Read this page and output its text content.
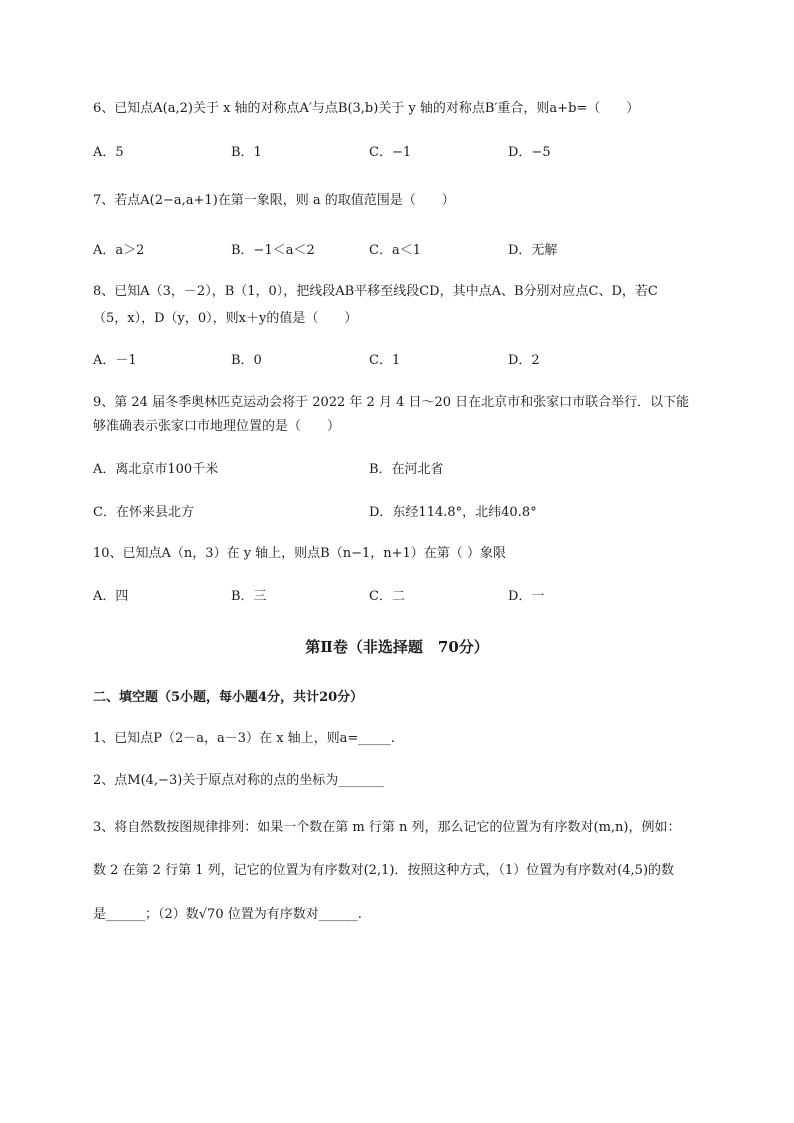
6、已知点A(a,2)关于 x 轴的对称点A′与点B(3,b)关于 y 轴的对称点B′重合，则a+b=（　　）
A．5	B．1	C．−1	D．−5
7、若点A(2−a,a+1)在第一象限，则 a 的取值范围是（　　）
A．a＞2	B．−1＜a＜2	C．a＜1	D．无解
8、已知A（3，－2），B（1，0），把线段AB平移至线段CD，其中点A、B分别对应点C、D，若C
（5，x），D（y，0），则x＋y的值是（　　）
A．－1	B．0	C．1	D．2
9、第 24 届冬季奥林匹克运动会将于 2022 年 2 月 4 日～20 日在北京市和张家口市联合举行．以下能
够准确表示张家口市地理位置的是（　　）
A．离北京市100千米	B．在河北省
C．在怀来县北方	D．东经114.8°，北纬40.8°
10、已知点A（n，3）在 y 轴上，则点B（n−1，n+1）在第（ ）象限
A．四	B．三	C．二	D．一
第Ⅱ卷（非选择题　70分）
二、填空题（5小题，每小题4分，共计20分）
1、已知点P（2－a，a－3）在 x 轴上，则a=_____.
2、点M(4,−3)关于原点对称的点的坐标为_______
3、将自然数按图规律排列：如果一个数在第 m 行第 n 列，那么记它的位置为有序数对(m,n)，例如：
数 2 在第 2 行第 1 列，记它的位置为有序数对(2,1)．按照这种方式，（1）位置为有序数对(4,5)的数
是______；（2）数√70 位置为有序数对______.
